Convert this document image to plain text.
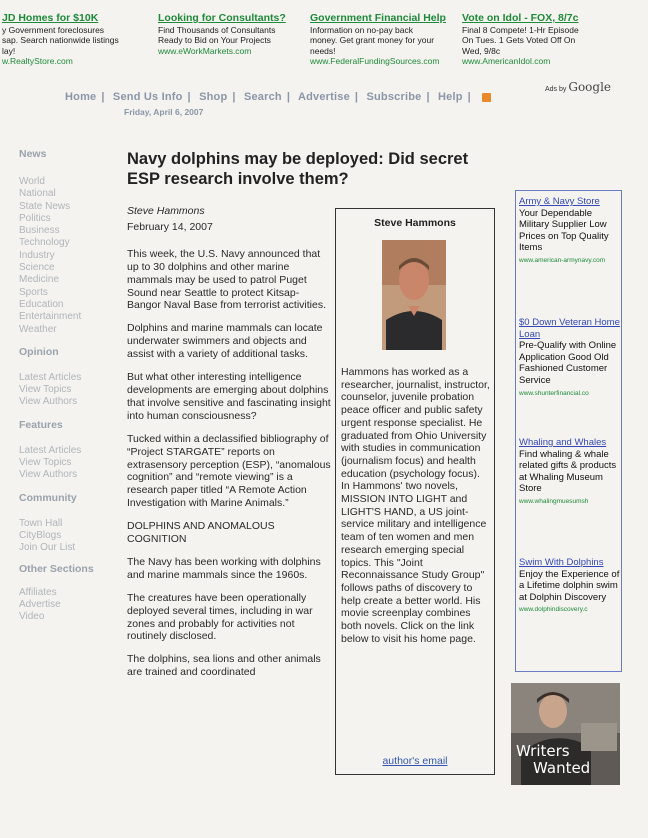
JD Homes for $10K
y Government foreclosures
sap. Search nationwide listings
lay!
w.RealtyStore.com
Looking for Consultants?
Find Thousands of Consultants
Ready to Bid on Your Projects
www.eWorkMarkets.com
Government Financial Help
Information on no-pay back
money. Get grant money for your
needs!
www.FederalFundingSources.com
Vote on Idol - FOX, 8/7c
Final 8 Compete! 1-Hr Episode
On Tues. 1 Gets Voted Off On
Wed, 9/8c
www.AmericanIdol.com
Ads by Google
Home | Send Us Info | Shop | Search | Advertise | Subscribe | Help |
Friday, April 6, 2007
News
World
National
State News
Politics
Business
Technology
Industry
Science
Medicine
Sports
Education
Entertainment
Weather
Opinion
Latest Articles
View Topics
View Authors
Features
Latest Articles
View Topics
View Authors
Community
Town Hall
CityBlogs
Join Our List
Other Sections
Affiliates
Advertise
Video
Navy dolphins may be deployed: Did secret ESP research involve them?

Steve Hammons

February 14, 2007

This week, the U.S. Navy announced that up to 30 dolphins and other marine mammals may be used to patrol Puget Sound near Seattle to protect Kitsap-Bangor Naval Base from terrorist activities.

Dolphins and marine mammals can locate underwater swimmers and objects and assist with a variety of additional tasks.

But what other interesting intelligence developments are emerging about dolphins that involve sensitive and fascinating insight into human consciousness?

Tucked within a declassified bibliography of “Project STARGATE” reports on extrasensory perception (ESP), “anomalous cognition” and “remote viewing” is a research paper titled “A Remote Action Investigation with Marine Animals.”

DOLPHINS AND ANOMALOUS COGNITION

The Navy has been working with dolphins and marine mammals since the 1960s.

The creatures have been operationally deployed several times, including in war zones and probably for activities not routinely disclosed.

The dolphins, sea lions and other animals are trained and coordinated

Steve Hammons
Hammons has worked as a researcher, journalist, instructor, counselor, juvenile probation peace officer and public safety urgent response specialist. He graduated from Ohio University with studies in communication (journalism focus) and health education (psychology focus). In Hammons' two novels, MISSION INTO LIGHT and LIGHT'S HAND, a US joint-service military and intelligence team of ten women and men research emerging special topics. This "Joint Reconnaissance Study Group" follows paths of discovery to help create a better world. His movie screenplay combines both novels. Click on the link below to visit his home page.
author's email
Army & Navy Store
Your Dependable Military Supplier Low Prices on Top Quality Items
www.american-armynavy.com
$0 Down Veteran Home Loan
Pre-Qualify with Online Application Good Old Fashioned Customer Service
www.shunterfinancial.co
Whaling and Whales
Find whaling & whale related gifts & products at Whaling Museum Store
www.whalingmuesumsh
Swim With Dolphins
Enjoy the Experience of a Lifetime dolphin swim at Dolphin Discovery
www.dolphindiscovery.c
Writers
Wanted
